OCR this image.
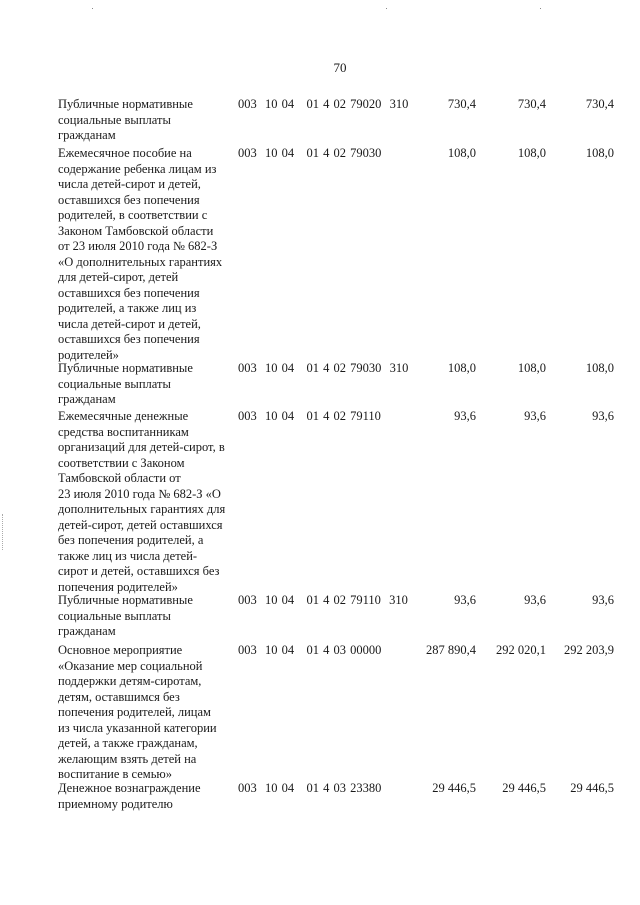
70
Публичные нормативные
социальные выплаты
гражданам
003  10 04   01 4 02 79020  310	730,4	730,4	730,4
Ежемесячное пособие на
содержание ребенка лицам из
числа детей-сирот и детей,
оставшихся без попечения
родителей, в соответствии с
Законом Тамбовской области
от 23 июля 2010 года № 682-З
«О дополнительных гарантиях
для детей-сирот, детей
оставшихся без попечения
родителей, а также лиц из
числа детей-сирот и детей,
оставшихся без попечения
родителей»
003  10 04   01 4 02 79030	108,0	108,0	108,0
Публичные нормативные
социальные выплаты
гражданам
003  10 04   01 4 02 79030  310	108,0	108,0	108,0
Ежемесячные денежные
средства воспитанникам
организаций для детей-сирот, в
соответствии с Законом
Тамбовской области от
23 июля 2010 года № 682-З «О
дополнительных гарантиях для
детей-сирот, детей оставшихся
без попечения родителей, а
также лиц из числа детей-
сирот и детей, оставшихся без
попечения родителей»
003  10 04   01 4 02 79110	93,6	93,6	93,6
Публичные нормативные
социальные выплаты
гражданам
003  10 04   01 4 02 79110  310	93,6	93,6	93,6
Основное мероприятие
«Оказание мер социальной
поддержки детям-сиротам,
детям, оставшимся без
попечения родителей, лицам
из числа указанной категории
детей, а также гражданам,
желающим взять детей на
воспитание в семью»
003  10 04   01 4 03 00000	287 890,4	292 020,1	292 203,9
Денежное вознаграждение
приемному родителю
003  10 04   01 4 03 23380	29 446,5	29 446,5	29 446,5
